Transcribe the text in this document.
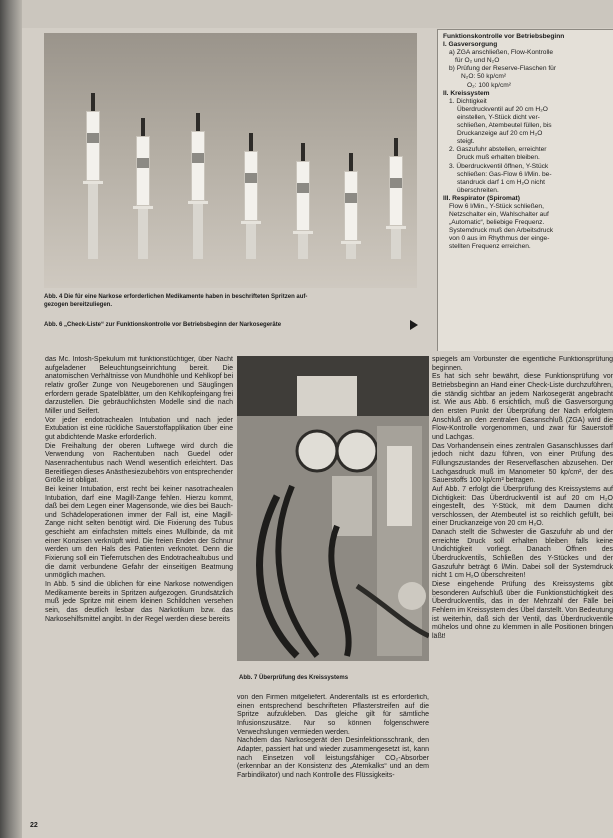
Abb. 4 Die für eine Narkose erforderlichen Medikamente haben in beschrifteten Spritzen auf-
gezogen bereitzuliegen.
Abb. 6 „Check-Liste“ zur Funktionskontrolle vor Betriebsbeginn der Narkosegeräte
Funktionskontrolle vor Betriebsbeginn
I. Gasversorgung
a) ZGA anschließen, Flow-Kontrolle
für O₂ und N₂O
b) Prüfung der Reserve-Flaschen für
N₂O: 50 kp/cm²
O₂: 100 kp/cm²
II. Kreissystem
1. Dichtigkeit
Überdruckventil auf 20 cm H₂O
einstellen, Y-Stück dicht ver-
schließen, Atembeutel füllen, bis
Druckanzeige auf 20 cm H₂O
steigt.
2. Gaszufuhr abstellen, erreichter
Druck muß erhalten bleiben.
3. Überdruckventil öffnen, Y-Stück
schließen: Gas-Flow 6 l/Min. be-
standruck darf 1 cm H₂O nicht
überschreiten.
III. Respirator (Spiromat)
Flow 6 l/Min., Y-Stück schließen,
Netzschalter ein, Wahlschalter auf
„Automatic“, beliebige Frequenz.
Systemdruck muß den Arbeitsdruck
von 0 aus im Rhythmus der einge-
stellten Frequenz erreichen.

das Mc. Intosh-Spekulum mit funktionstüchtiger, über Nacht aufgeladener Beleuchtungseinrichtung bereit. Die anatomischen Verhältnisse von Mundhöhle und Kehlkopf bei relativ großer Zunge von Neugeborenen und Säuglingen erfordern gerade Spatelblätter, um den Kehlkopfeingang frei darzustellen. Die gebräuchlichsten Modelle sind die nach Miller und Seifert.

Vor jeder endotrachealen Intubation und nach jeder Extubation ist eine rückliche Sauerstoffapplikation über eine gut abdichtende Maske erforderlich.

Die Freihaltung der oberen Luftwege wird durch die Verwendung von Rachentuben nach Guedel oder Nasenrachentubus nach Wendl wesentlich erleichtert. Das Bereitliegen dieses Anästhesiezubehörs von entsprechender Größe ist obligat.

Bei keiner Intubation, erst recht bei keiner nasotrachealen Intubation, darf eine Magill-Zange fehlen. Hierzu kommt, daß bei dem Legen einer Magensonde, wie dies bei Bauch- und Schädeloperationen immer der Fall ist, eine Magill-Zange nicht selten benötigt wird. Die Fixierung des Tubus geschieht am einfachsten mittels eines Mullbinde, da mit einer Konzisen verknüpft wird. Die freien Enden der Schnur werden um den Hals des Patienten verknotet. Denn die Fixierung soll ein Tieferrutschen des Endotrachealtubus und die damit verbundene Gefahr der einseitigen Beatmung unmöglich machen.

In Abb. 5 sind die üblichen für eine Narkose notwendigen Medikamente bereits in Spritzen aufgezogen. Grundsätzlich muß jede Spritze mit einem kleinen Schildchen versehen sein, das deutlich lesbar das Narkotikum bzw. das Narkosehilfsmittel angibt. In der Regel werden diese bereits

Abb. 7 Überprüfung des Kreissystems

von den Firmen mitgeliefert. Anderenfalls ist es erforderlich, einen entsprechend beschrifteten Pflasterstreifen auf die Spritze aufzukleben. Das gleiche gilt für sämtliche Infusionszusätze. Nur so können folgenschwere Verwechslungen vermieden werden.

Nachdem das Narkosegerät den Desinfektionsschrank, den Adapter, passiert hat und wieder zusammengesetzt ist, kann nach Einsetzen voll leistungsfähiger CO₂-Absorber (erkennbar an der Konsistenz des „Atemkalks“ und an dem Farbindikator) und nach Kontrolle des Flüssigkeits-

spiegels am Vorbunster die eigentliche Funktionsprüfung beginnen.

Es hat sich sehr bewährt, diese Funktionsprüfung vor Betriebsbeginn an Hand einer Check-Liste durchzuführen, die ständig sichtbar an jedem Narkosegerät angebracht ist. Wie aus Abb. 6 ersichtlich, muß die Gasversorgung den ersten Punkt der Überprüfung der Nach erfolgtem Anschluß an den zentralen Gasanschluß (ZGA) wird die Flow-Kontrolle vorgenommen, und zwar für Sauerstoff und Lachgas.

Das Vorhandensein eines zentralen Gasanschlusses darf jedoch nicht dazu führen, von einer Prüfung des Füllungszustandes der Reserveflaschen abzusehen. Der Lachgasdruck muß im Manometer 50 kp/cm², der des Sauerstoffs 100 kp/cm² betragen.

Auf Abb. 7 erfolgt die Überprüfung des Kreissystems auf Dichtigkeit: Das Überdruckventil ist auf 20 cm H₂O eingestellt, des Y-Stück, mit dem Daumen dicht verschlossen, der Atembeutel ist so reichlich gefüllt, bei einer Druckanzeige von 20 cm H₂O.

Danach stellt die Schwester die Gaszufuhr ab und der erreichte Druck soll erhalten bleiben falls keine Undichtigkeit vorliegt. Danach Öffnen des Überdruckventils, Schließen des Y-Stückes und der Gaszufuhr beträgt 6 l/Min. Dabei soll der Systemdruck nicht 1 cm H₂O überschreiten!

Diese eingehende Prüfung des Kreissystems gibt besonderen Aufschluß über die Funktionstüchtigkeit des Überdruckventils, das in der Mehrzahl der Fälle bei Fehlern im Kreissystem des Übel darstellt. Von Bedeutung ist weiterhin, daß sich der Ventil, das Überdruckventile mühelos und ohne zu klemmen in alle Positionen bringen läßt!

22
